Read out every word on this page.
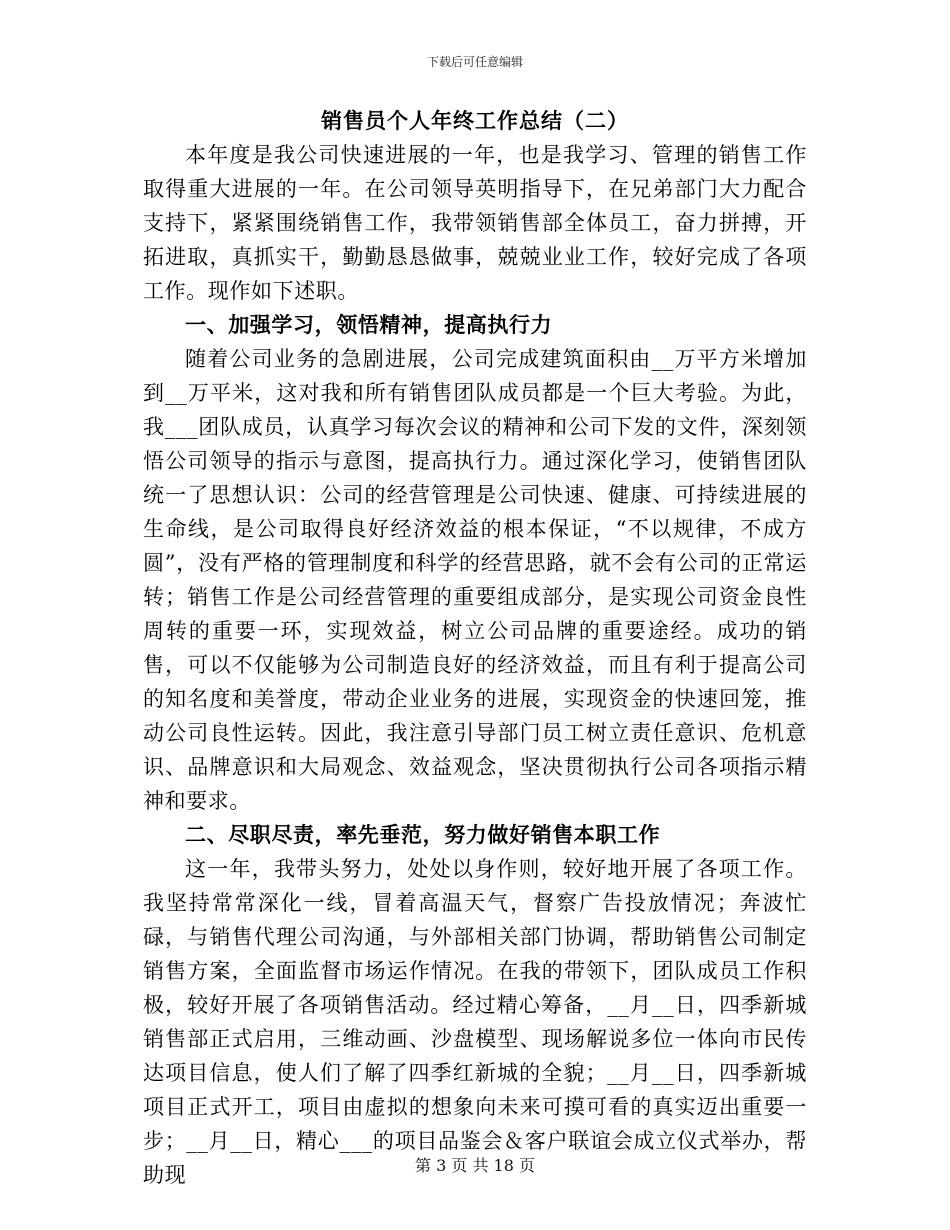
下载后可任意编辑
销售员个人年终工作总结（二）

本年度是我公司快速进展的一年，也是我学习、管理的销售工作取得重大进展的一年。在公司领导英明指导下，在兄弟部门大力配合支持下，紧紧围绕销售工作，我带领销售部全体员工，奋力拼搏，开拓进取，真抓实干，勤勤恳恳做事，兢兢业业工作，较好完成了各项工作。现作如下述职。

一、加强学习，领悟精神，提高执行力

随着公司业务的急剧进展，公司完成建筑面积由__万平方米增加到__万平米，这对我和所有销售团队成员都是一个巨大考验。为此，我___团队成员，认真学习每次会议的精神和公司下发的文件，深刻领悟公司领导的指示与意图，提高执行力。通过深化学习，使销售团队统一了思想认识：公司的经营管理是公司快速、健康、可持续进展的生命线，是公司取得良好经济效益的根本保证，“不以规律，不成方圆”，没有严格的管理制度和科学的经营思路，就不会有公司的正常运转；销售工作是公司经营管理的重要组成部分，是实现公司资金良性周转的重要一环，实现效益，树立公司品牌的重要途经。成功的销售，可以不仅能够为公司制造良好的经济效益，而且有利于提高公司的知名度和美誉度，带动企业业务的进展，实现资金的快速回笼，推动公司良性运转。因此，我注意引导部门员工树立责任意识、危机意识、品牌意识和大局观念、效益观念，坚决贯彻执行公司各项指示精神和要求。

二、尽职尽责，率先垂范，努力做好销售本职工作

这一年，我带头努力，处处以身作则，较好地开展了各项工作。我坚持常常深化一线，冒着高温天气，督察广告投放情况；奔波忙碌，与销售代理公司沟通，与外部相关部门协调，帮助销售公司制定销售方案，全面监督市场运作情况。在我的带领下，团队成员工作积极，较好开展了各项销售活动。经过精心筹备，__月__日，四季新城销售部正式启用，三维动画、沙盘模型、现场解说多位一体向市民传达项目信息，使人们了解了四季红新城的全貌；__月__日，四季新城项目正式开工，项目由虚拟的想象向未来可摸可看的真实迈出重要一步；__月__日，精心___的项目品鉴会＆客户联谊会成立仪式举办，帮助现	第 3 页 共 18 页
